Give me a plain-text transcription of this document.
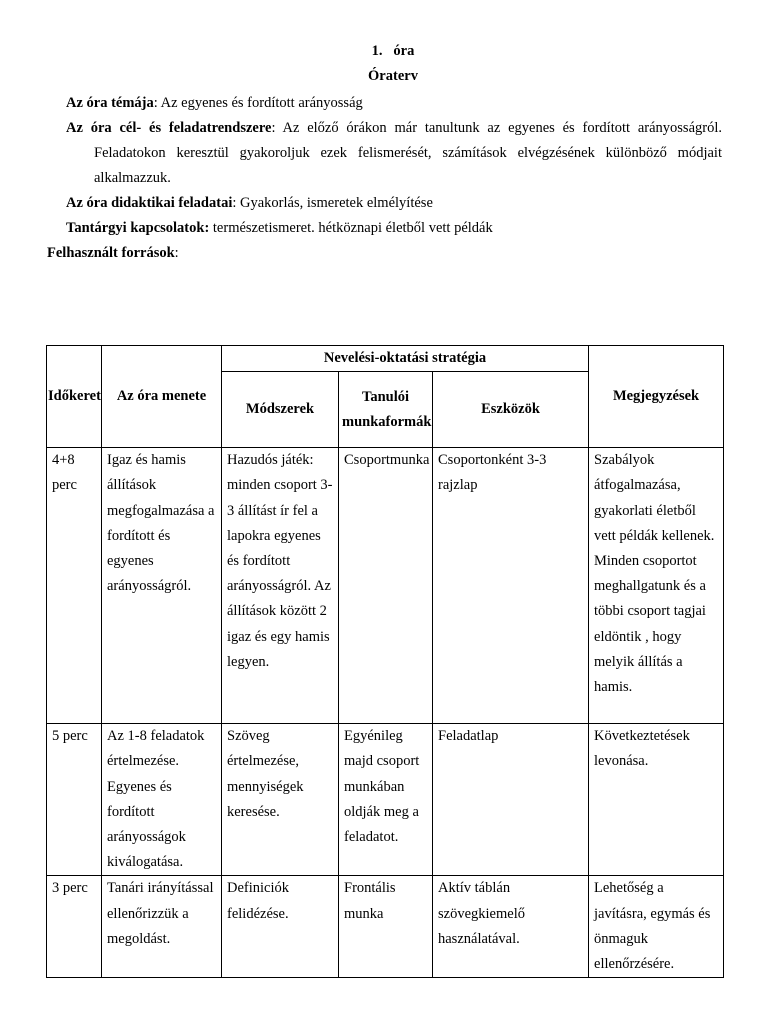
1. óra
Óraterv
Az óra témája: Az egyenes és fordított arányosság
Az óra cél- és feladatrendszere: Az előző órákon már tanultunk az egyenes és fordított arányosságról. Feladatokon keresztül gyakoroljuk ezek felismerését, számítások elvégzésének különböző módjait alkalmazzuk.
Az óra didaktikai feladatai: Gyakorlás, ismeretek elmélyítése
Tantárgyi kapcsolatok: természetismeret. hétköznapi életből vett példák
Felhasznált források:
Időkeret	Az óra menete	Nevelési-oktatási stratégia			Megjegyzések
		Módszerek	Tanulói munkaformák	Eszközök	
4+8 perc	Igaz és hamis állítások megfogalmazása a fordított és egyenes arányosságról.	Hazudós játék: minden csoport 3-3 állítást ír fel a lapokra egyenes és fordított arányosságról. Az állítások között 2 igaz és egy hamis legyen.	Csoportmunka	Csoportonként 3-3 rajzlap	Szabályok átfogalmazása, gyakorlati életből vett példák kellenek. Minden csoportot meghallgatunk és a többi csoport tagjai eldöntik , hogy melyik állítás a hamis.
5 perc	Az 1-8 feladatok értelmezése. Egyenes és fordított arányosságok kiválogatása.	Szöveg értelmezése, mennyiségek keresése.	Egyénileg majd csoport munkában oldják meg a feladatot.	Feladatlap	Következtetések levonása.
3 perc	Tanári irányítással ellenőrizzük a megoldást.	Definiciók felidézése.	Frontális munka	Aktív táblán szövegkiemelő használatával.	Lehetőség a javításra, egymás és önmaguk ellenőrzésére.
